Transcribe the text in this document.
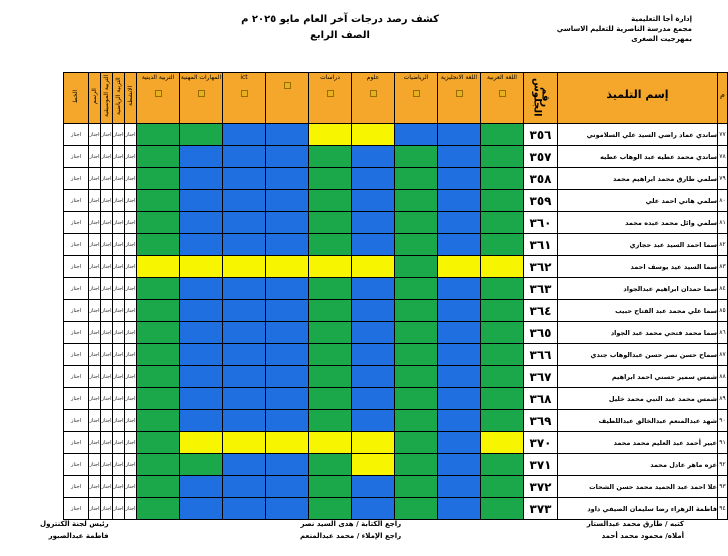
إدارة أجا التعليمية
مجمع مدرسة الناصرية للتعليم الاساسي
بمهرجيت الصغرى
كشف رصد درجات آخر العام مايو ٢٠٢٥ م
الصف الرابع
الخط	الرسم	التربية الموسيقية	التربية الرياضية	الانشطة	التربية الدينية	المهارات المهنية	ict		دراسات	علوم	الرياضيات	اللغة الانجليزية	اللغة العربية	رقم الجلوس	إسم التلميذ	م

اجتاز	اجتاز	اجتاز	اجتاز	اجتاز										٣٥٦	ساندي عماد راضي السيد علي السلاموني	٧٧
اجتاز	اجتاز	اجتاز	اجتاز	اجتاز										٣٥٧	ساندي محمد عطيه عبد الوهاب عطيه	٧٨
اجتاز	اجتاز	اجتاز	اجتاز	اجتاز										٣٥٨	سلمي طارق محمد ابراهيم محمد	٧٩
اجتاز	اجتاز	اجتاز	اجتاز	اجتاز										٣٥٩	سلمي هاني احمد علي	٨٠
اجتاز	اجتاز	اجتاز	اجتاز	اجتاز										٣٦٠	سلمي وائل محمد عبده محمد	٨١
اجتاز	اجتاز	اجتاز	اجتاز	اجتاز										٣٦١	سما احمد السيد عبد حجازي	٨٢
اجتاز	اجتاز	اجتاز	اجتاز	اجتاز										٣٦٢	سما السيد عيد يوسف احمد	٨٣
اجتاز	اجتاز	اجتاز	اجتاز	اجتاز										٣٦٣	سما حمدان ابراهيم عبدالجواد	٨٤
اجتاز	اجتاز	اجتاز	اجتاز	اجتاز										٣٦٤	سما علي محمد عبد الفتاح حبيب	٨٥
اجتاز	اجتاز	اجتاز	اجتاز	اجتاز										٣٦٥	سما محمد فتحي محمد عبد الجواد	٨٦
اجتاز	اجتاز	اجتاز	اجتاز	اجتاز										٣٦٦	سماح حسن نصر حسن عبدالوهاب جندي	٨٧
اجتاز	اجتاز	اجتاز	اجتاز	اجتاز										٣٦٧	شمس سمير حسني احمد ابراهيم	٨٨
اجتاز	اجتاز	اجتاز	اجتاز	اجتاز										٣٦٨	شمس محمد عبد النبي محمد خليل	٨٩
اجتاز	اجتاز	اجتاز	اجتاز	اجتاز										٣٦٩	شهد عبدالمنعم عبدالخالق عبداللطيف	٩٠
اجتاز	اجتاز	اجتاز	اجتاز	اجتاز										٣٧٠	عبير أحمد عبد العليم محمد محمد	٩١
اجتاز	اجتاز	اجتاز	اجتاز	اجتاز										٣٧١	عزه ماهر عادل محمد	٩٢
اجتاز	اجتاز	اجتاز	اجتاز	اجتاز										٣٧٢	علا احمد عبد الحميد محمد حسن الشحات	٩٣
اجتاز	اجتاز	اجتاز	اجتاز	اجتاز										٣٧٣	فاطمة الزهراء رضا سليمان الصيفي داود	٩٤
كتبه / طارق محمد عبدالستار
أملاه/ محمود محمد أحمد
راجع الكتابة / هدى السيد نصر
راجع الإملاء / محمد عبدالمنعم
رئيس لجنة الكنترول
فاطمة عبدالصبور
